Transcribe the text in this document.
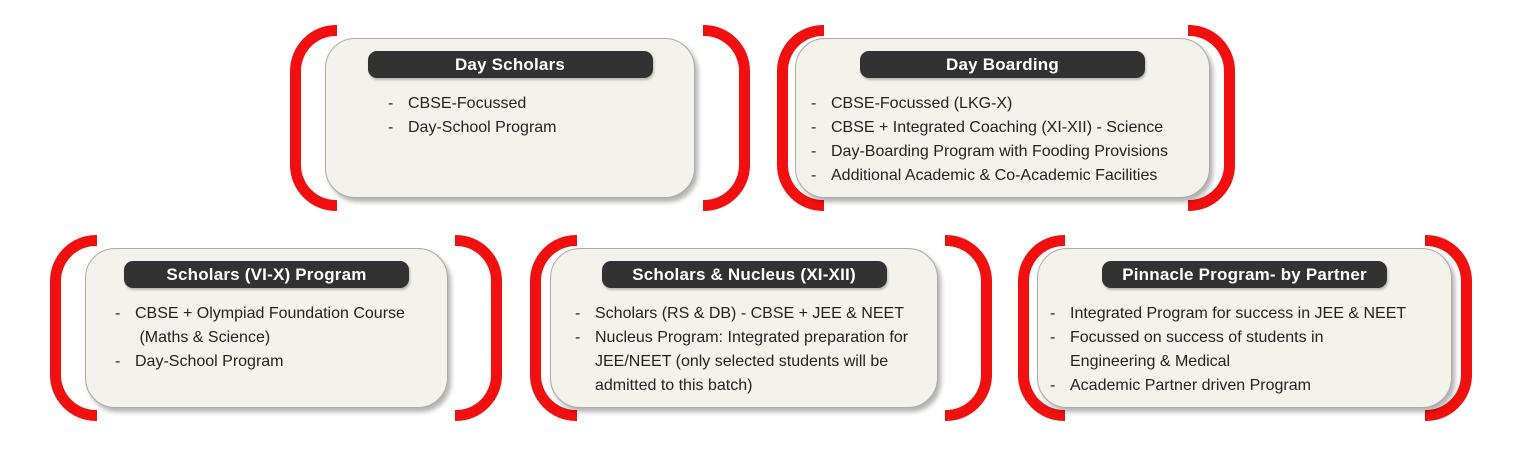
Day Scholars
- CBSE-Focussed
- Day-School Program
Day Boarding
- CBSE-Focussed (LKG-X)
- CBSE + Integrated Coaching (XI-XII) - Science
- Day-Boarding Program with Fooding Provisions
- Additional Academic & Co-Academic Facilities
Scholars (VI-X) Program
- CBSE + Olympiad Foundation Course
(Maths & Science)
- Day-School Program
Scholars & Nucleus (XI-XII)
- Scholars (RS & DB) - CBSE + JEE & NEET
- Nucleus Program: Integrated preparation for
JEE/NEET (only selected students will be
admitted to this batch)
Pinnacle Program- by Partner
- Integrated Program for success in JEE & NEET
- Focussed on success of students in
Engineering & Medical
- Academic Partner driven Program
